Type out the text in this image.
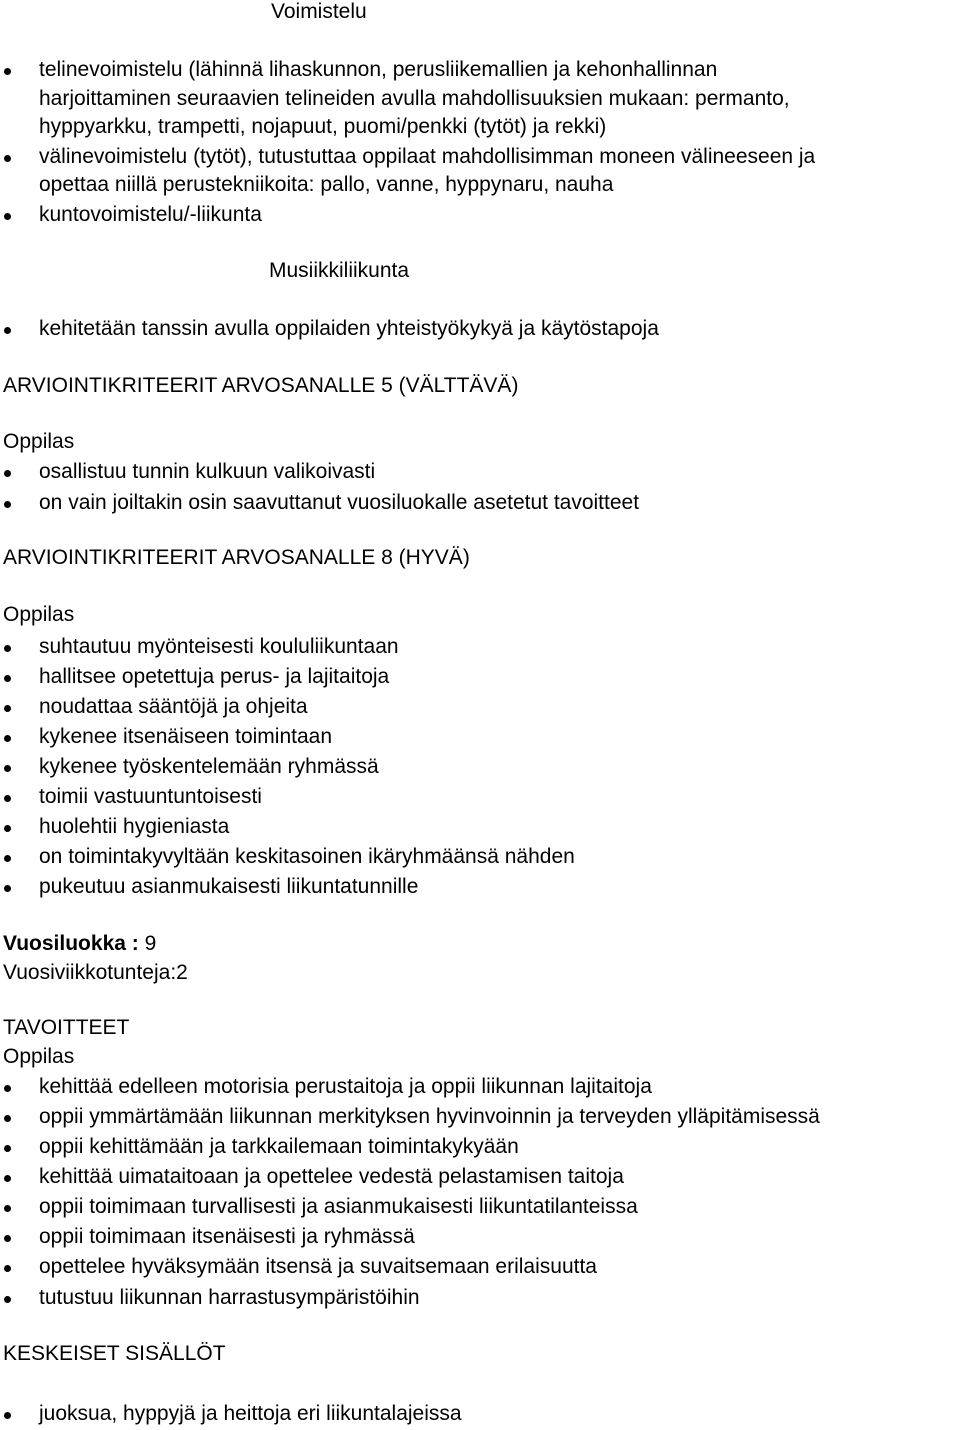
Voimistelu
telinevoimistelu (lähinnä lihaskunnon, perusliikemallien ja kehonhallinnan
harjoittaminen seuraavien telineiden avulla mahdollisuuksien mukaan: permanto,
hyppyarkku, trampetti, nojapuut, puomi/penkki (tytöt) ja rekki)
välinevoimistelu (tytöt), tutustuttaa oppilaat mahdollisimman moneen välineeseen ja
opettaa niillä perustekniikoita: pallo, vanne, hyppynaru, nauha
kuntovoimistelu/-liikunta
Musiikkiliikunta
kehitetään tanssin avulla oppilaiden yhteistyökykyä ja käytöstapoja
ARVIOINTIKRITEERIT ARVOSANALLE 5 (VÄLTTÄVÄ)
Oppilas
osallistuu tunnin kulkuun valikoivasti
on vain joiltakin osin saavuttanut vuosiluokalle asetetut tavoitteet
ARVIOINTIKRITEERIT ARVOSANALLE 8 (HYVÄ)
Oppilas
suhtautuu myönteisesti koululiikuntaan
hallitsee opetettuja perus- ja lajitaitoja
noudattaa sääntöjä ja ohjeita
kykenee itsenäiseen toimintaan
kykenee työskentelemään ryhmässä
toimii vastuuntuntoisesti
huolehtii hygieniasta
on toimintakyvyltään keskitasoinen ikäryhmäänsä nähden
pukeutuu asianmukaisesti liikuntatunnille
Vuosiluokka : 9
Vuosiviikkotunteja:2
TAVOITTEET
Oppilas
kehittää edelleen motorisia perustaitoja ja oppii liikunnan lajitaitoja
oppii ymmärtämään liikunnan merkityksen hyvinvoinnin ja terveyden ylläpitämisessä
oppii kehittämään ja tarkkailemaan toimintakykyään
kehittää uimataitoaan ja opettelee vedestä pelastamisen taitoja
oppii toimimaan turvallisesti ja asianmukaisesti liikuntatilanteissa
oppii toimimaan itsenäisesti ja ryhmässä
opettelee hyväksymään itsensä ja suvaitsemaan erilaisuutta
tutustuu liikunnan harrastusympäristöihin
KESKEISET SISÄLLÖT
juoksua, hyppyjä ja heittoja eri liikuntalajeissa
